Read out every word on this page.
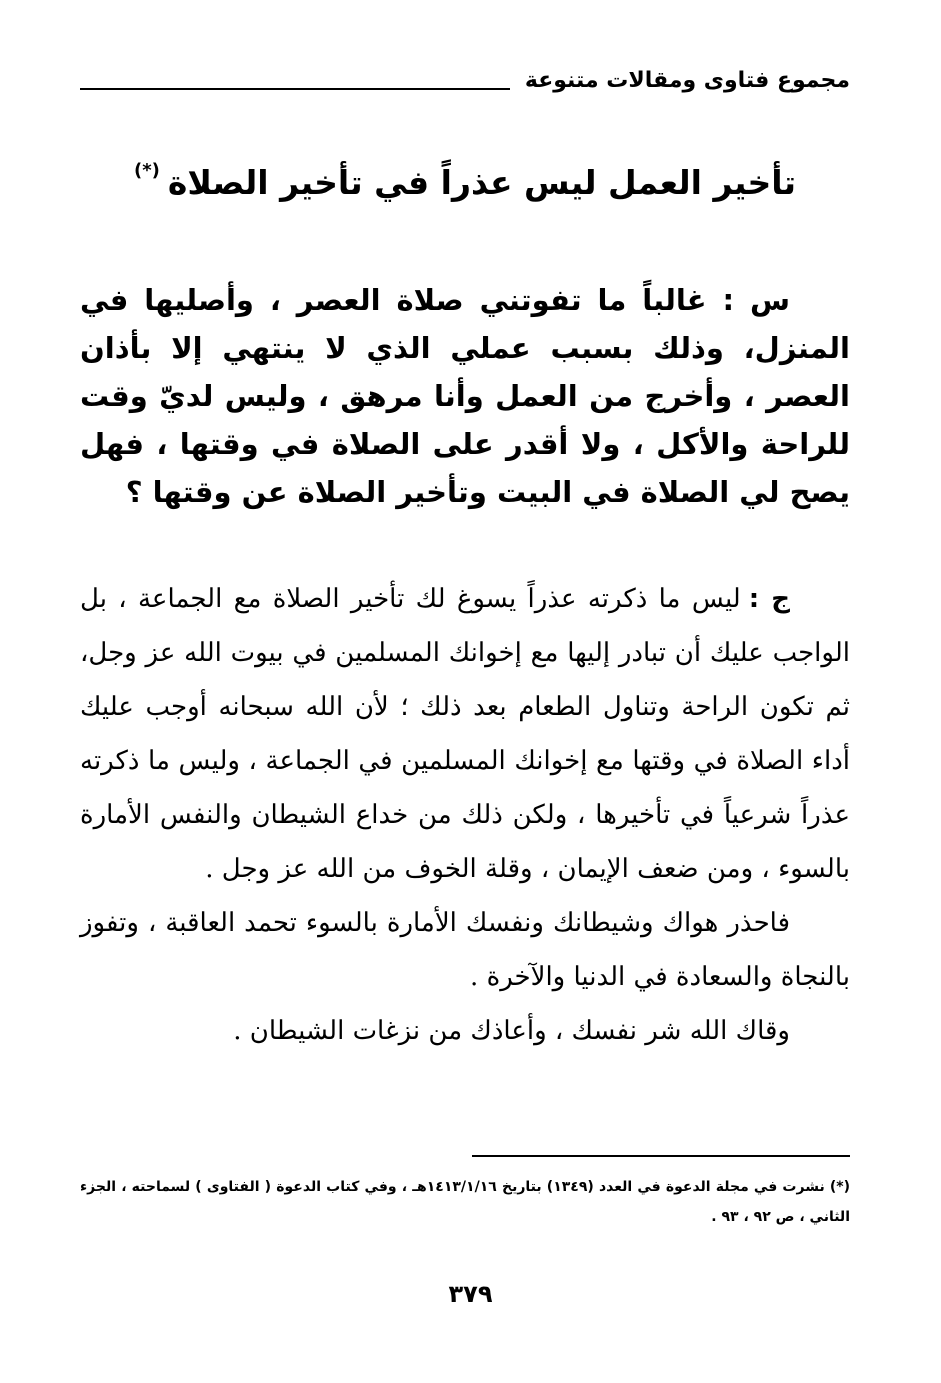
مجموع فتاوى ومقالات متنوعة
تأخير العمل ليس عذراً في تأخير الصلاة(*)

س : غالباً ما تفوتني صلاة العصر ، وأصليها في المنزل، وذلك بسبب عملي الذي لا ينتهي إلا بأذان العصر ، وأخرج من العمل وأنا مرهق ، وليس لديّ وقت للراحة والأكل ، ولا أقدر على الصلاة في وقتها ، فهل يصح لي الصلاة في البيت وتأخير الصلاة عن وقتها ؟

ج :ليس ما ذكرته عذراً يسوغ لك تأخير الصلاة مع الجماعة ، بل الواجب عليك أن تبادر إليها مع إخوانك المسلمين في بيوت الله عز وجل، ثم تكون الراحة وتناول الطعام بعد ذلك ؛ لأن الله سبحانه أوجب عليك أداء الصلاة في وقتها مع إخوانك المسلمين في الجماعة ، وليس ما ذكرته عذراً شرعياً في تأخيرها ، ولكن ذلك من خداع الشيطان والنفس الأمارة بالسوء ، ومن ضعف الإيمان ، وقلة الخوف من الله عز وجل .

فاحذر هواك وشيطانك ونفسك الأمارة بالسوء تحمد العاقبة ، وتفوز بالنجاة والسعادة في الدنيا والآخرة .

وقاك الله شر نفسك ، وأعاذك من نزغات الشيطان .

(*) نشرت في مجلة الدعوة في العدد (١٣٤٩) بتاريخ ١٤١٣/١/١٦هـ ، وفي كتاب الدعوة ( الفتاوى ) لسماحته ، الجزء الثاني ، ص ٩٢ ، ٩٣ .
٣٧٩
